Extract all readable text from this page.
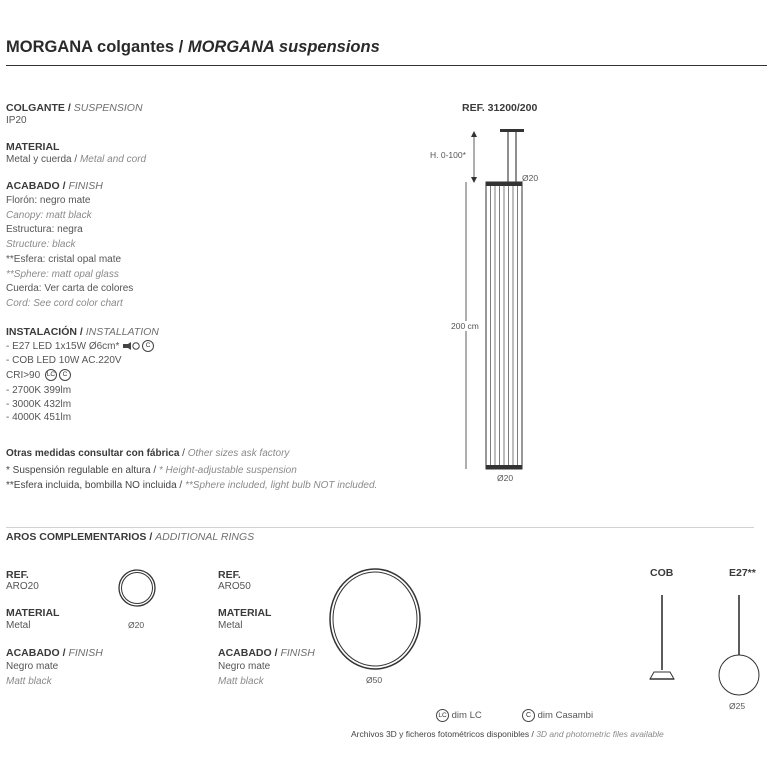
MORGANA colgantes / MORGANA suspensions
COLGANTE / SUSPENSION
IP20
MATERIAL
Metal y cuerda / Metal and cord
ACABADO / FINISH
Florón: negro mate
Canopy: matt black
Estructura: negra
Structure: black
**Esfera: cristal opal mate
**Sphere: matt opal glass
Cuerda: Ver carta de colores
Cord: See cord color chart
INSTALACIÓN / INSTALLATION
- E27 LED 1x15W Ø6cm*	C
- COB LED 10W AC.220V
CRI>90 LC C
- 2700K 399lm
- 3000K 432lm
- 4000K 451lm
Otras medidas consultar con fábrica / Other sizes ask factory
* Suspensión regulable en altura / * Height-adjustable suspension
**Esfera incluida, bombilla NO incluida / **Sphere included, light bulb NOT included.
REF. 31200/200
H. 0-100*
Ø20
200 cm
Ø20
AROS COMPLEMENTARIOS / ADDITIONAL RINGS
REF.
ARO20
MATERIAL
Metal
ACABADO / FINISH
Negro mate
Matt black
Ø20
REF.
ARO50
MATERIAL
Metal
ACABADO / FINISH
Negro mate
Matt black	Ø50
COB	E27**
Ø25
LC dim LC	C dim Casambi
Archivos 3D y ficheros fotométricos disponibles / 3D and photometric files available
